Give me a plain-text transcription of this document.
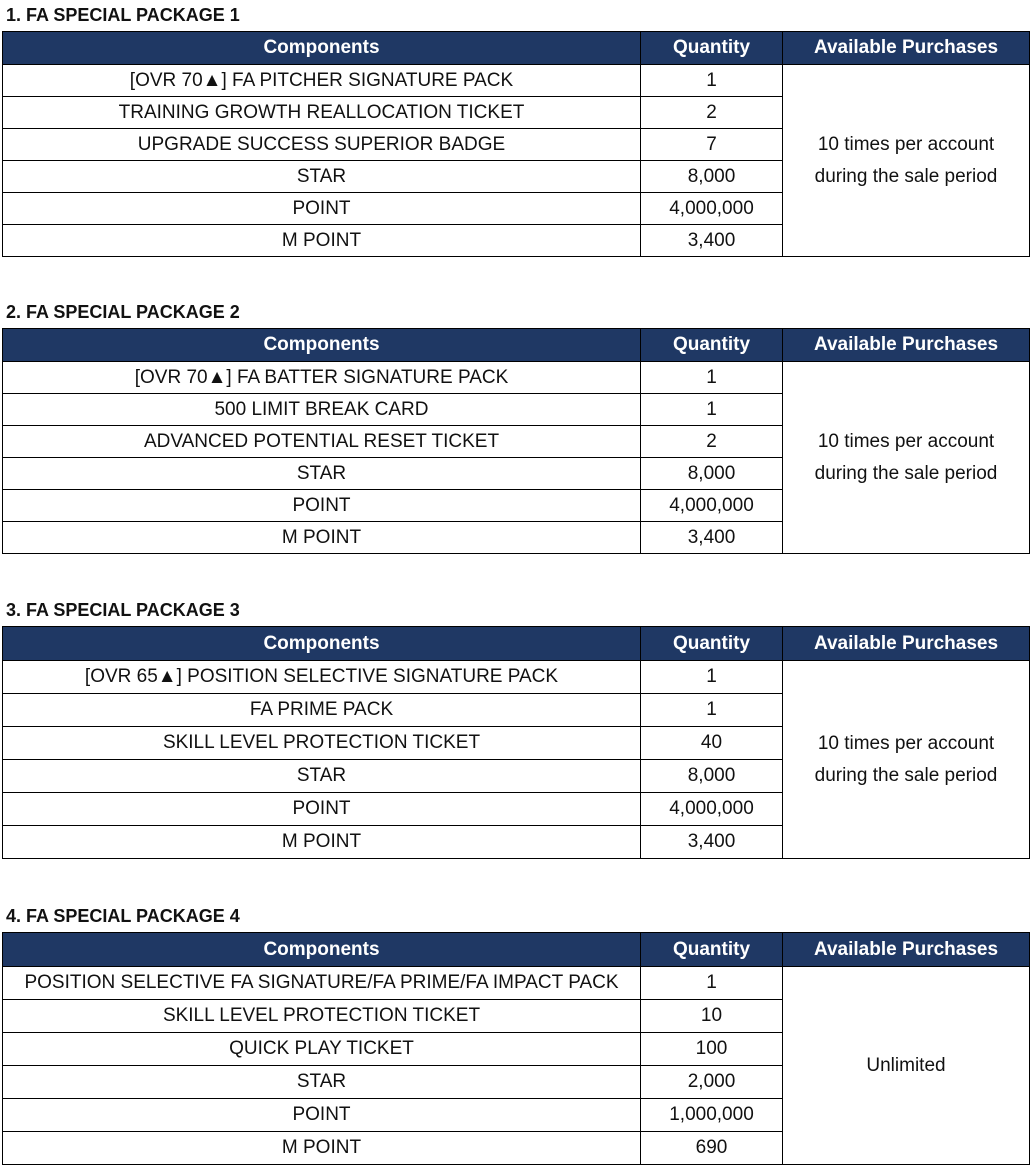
1. FA SPECIAL PACKAGE 1
Components	Quantity	Available Purchases
[OVR 70▲] FA PITCHER SIGNATURE PACK	1	10 times per account
during the sale period

TRAINING GROWTH REALLOCATION TICKET	2	
UPGRADE SUCCESS SUPERIOR BADGE	7	
STAR	8,000	
POINT	4,000,000	
M POINT	3,400	
2. FA SPECIAL PACKAGE 2
Components	Quantity	Available Purchases
[OVR 70▲] FA BATTER SIGNATURE PACK	1	10 times per account
during the sale period

500 LIMIT BREAK CARD	1	
ADVANCED POTENTIAL RESET TICKET	2	
STAR	8,000	
POINT	4,000,000	
M POINT	3,400	
3. FA SPECIAL PACKAGE 3
Components	Quantity	Available Purchases
[OVR 65▲] POSITION SELECTIVE SIGNATURE PACK	1	10 times per account
during the sale period

FA PRIME PACK	1	
SKILL LEVEL PROTECTION TICKET	40	
STAR	8,000	
POINT	4,000,000	
M POINT	3,400	
4. FA SPECIAL PACKAGE 4
Components	Quantity	Available Purchases
POSITION SELECTIVE FA SIGNATURE/FA PRIME/FA IMPACT PACK	1	Unlimited

SKILL LEVEL PROTECTION TICKET	10	
QUICK PLAY TICKET	100	
STAR	2,000	
POINT	1,000,000	
M POINT	690	
